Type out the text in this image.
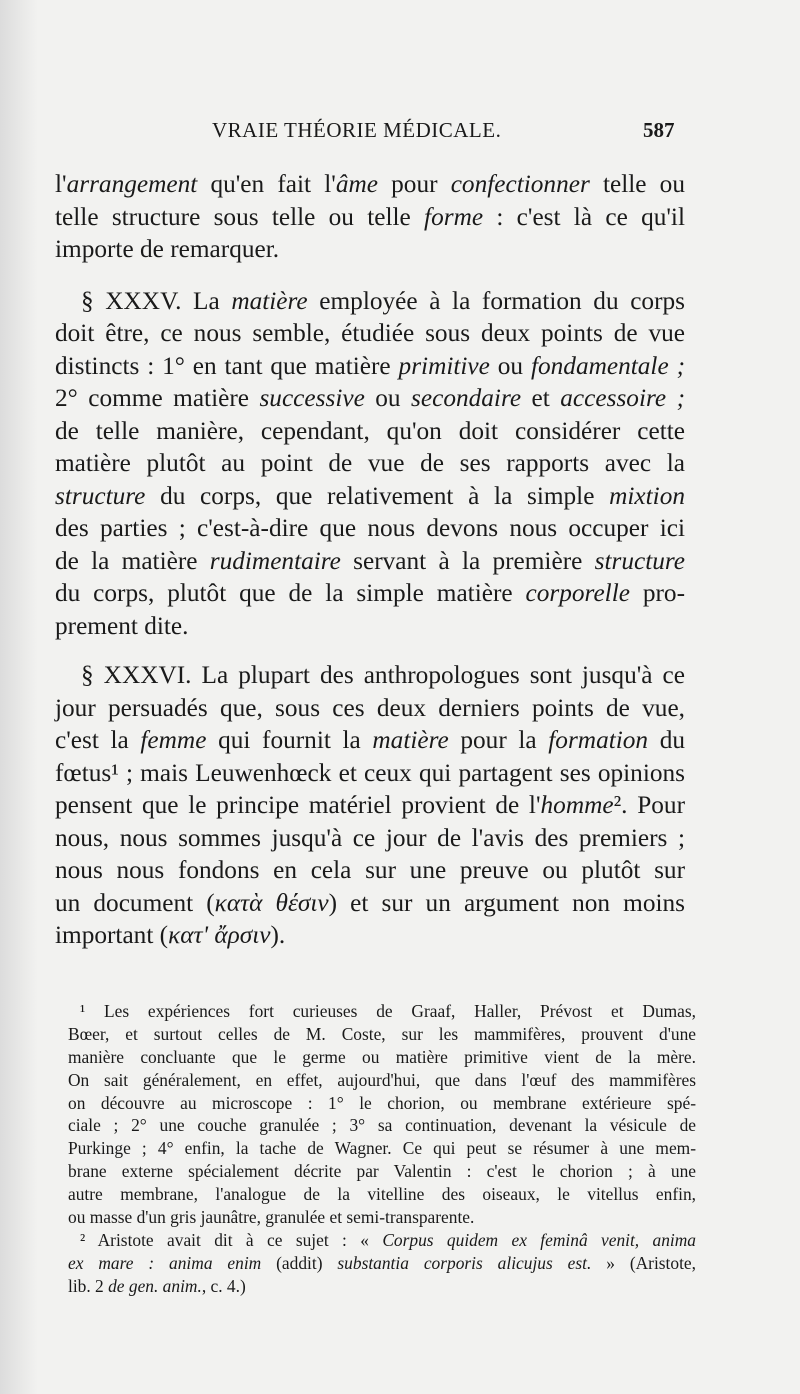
VRAIE THÉORIE MÉDICALE.	587
l'arrangement qu'en fait l'âme pour confectionner telle ou
telle structure sous telle ou telle forme : c'est là ce qu'il
importe de remarquer.
§ XXXV. La matière employée à la formation du corps
doit être, ce nous semble, étudiée sous deux points de vue
distincts : 1° en tant que matière primitive ou fondamentale ;
2° comme matière successive ou secondaire et accessoire ;
de telle manière, cependant, qu'on doit considérer cette
matière plutôt au point de vue de ses rapports avec la
structure du corps, que relativement à la simple mixtion
des parties ; c'est-à-dire que nous devons nous occuper ici
de la matière rudimentaire servant à la première structure
du corps, plutôt que de la simple matière corporelle pro-
prement dite.
§ XXXVI. La plupart des anthropologues sont jusqu'à ce
jour persuadés que, sous ces deux derniers points de vue,
c'est la femme qui fournit la matière pour la formation du
fœtus¹ ; mais Leuwenhœck et ceux qui partagent ses opinions
pensent que le principe matériel provient de l'homme². Pour
nous, nous sommes jusqu'à ce jour de l'avis des premiers ;
nous nous fondons en cela sur une preuve ou plutôt sur
un document (κατὰ θέσιν) et sur un argument non moins
important (κατ' ἄρσιν).
¹ Les expériences fort curieuses de Graaf, Haller, Prévost et Dumas,
Bœer, et surtout celles de M. Coste, sur les mammifères, prouvent d'une
manière concluante que le germe ou matière primitive vient de la mère.
On sait généralement, en effet, aujourd'hui, que dans l'œuf des mammifères
on découvre au microscope : 1° le chorion, ou membrane extérieure spé-
ciale ; 2° une couche granulée ; 3° sa continuation, devenant la vésicule de
Purkinge ; 4° enfin, la tache de Wagner. Ce qui peut se résumer à une mem-
brane externe spécialement décrite par Valentin : c'est le chorion ; à une
autre membrane, l'analogue de la vitelline des oiseaux, le vitellus enfin,
ou masse d'un gris jaunâtre, granulée et semi-transparente.
² Aristote avait dit à ce sujet : « Corpus quidem ex feminâ venit, anima
ex mare : anima enim (addit) substantia corporis alicujus est. » (Aristote,
lib. 2 de gen. anim., c. 4.)
